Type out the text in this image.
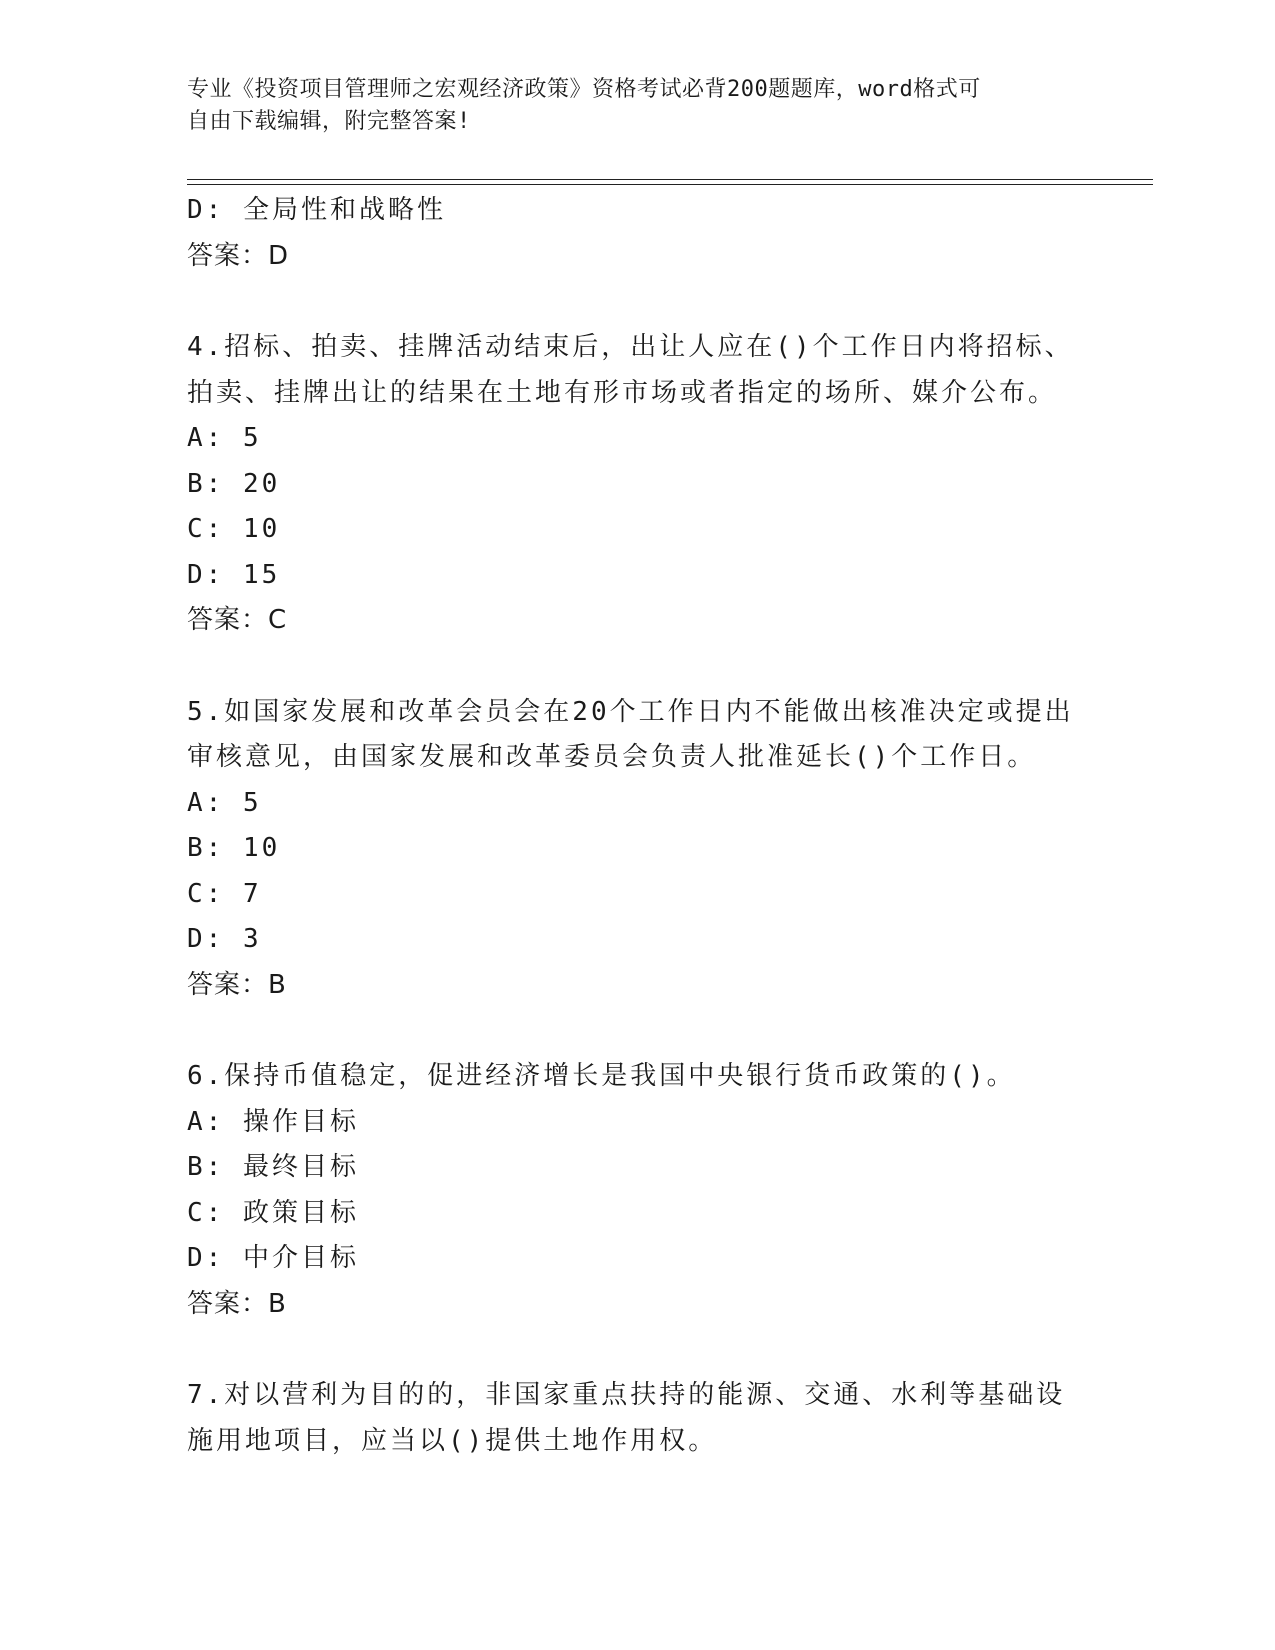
专业《投资项目管理师之宏观经济政策》资格考试必背200题题库，word格式可
自由下载编辑，附完整答案!
D: 全局性和战略性
答案：D
4.招标、拍卖、挂牌活动结束后，出让人应在()个工作日内将招标、
拍卖、挂牌出让的结果在土地有形市场或者指定的场所、媒介公布。
A: 5
B: 20
C: 10
D: 15
答案：C
5.如国家发展和改革会员会在20个工作日内不能做出核准决定或提出
审核意见，由国家发展和改革委员会负责人批准延长()个工作日。
A: 5
B: 10
C: 7
D: 3
答案：B
6.保持币值稳定，促进经济增长是我国中央银行货币政策的()。
A: 操作目标
B: 最终目标
C: 政策目标
D: 中介目标
答案：B
7.对以营利为目的的，非国家重点扶持的能源、交通、水利等基础设
施用地项目，应当以()提供土地作用权。
